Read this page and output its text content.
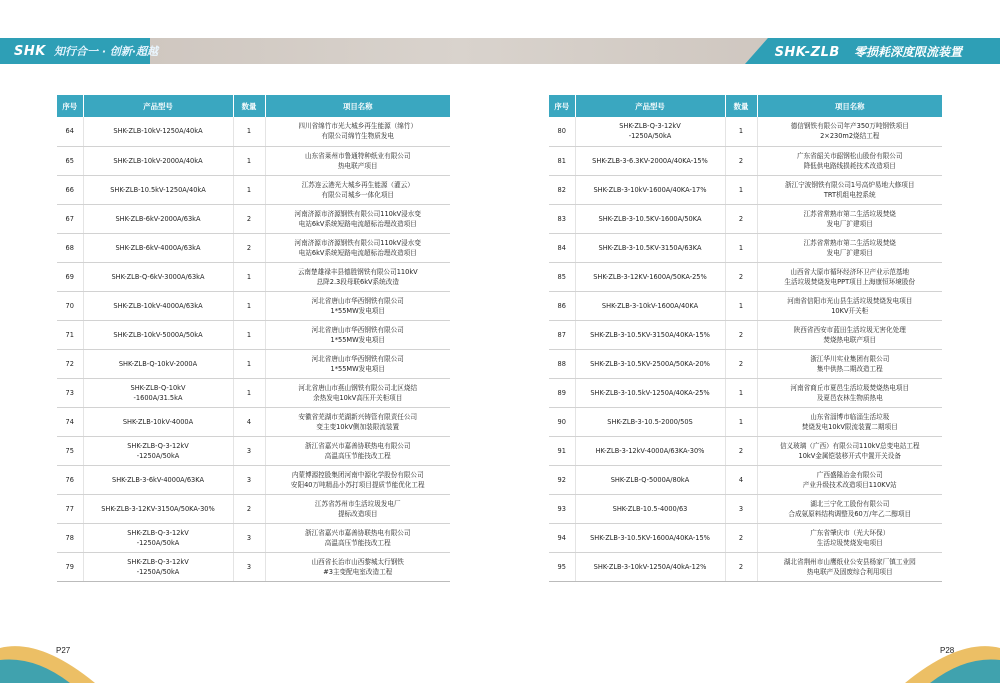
SHK 知行合一 · 创新·超越	SHK-ZLB 零损耗深度限流装置
序号	产品型号	数量	项目名称
64	SHK-ZLB-10kV-1250A/40kA	1	四川省绵竹市光大城乡再生能源（绵竹）
有限公司绵竹生物质发电
65	SHK-ZLB-10kV-2000A/40kA	1	山东省莱州市鲁通特种纸业有限公司
热电联产项目
66	SHK-ZLB-10.5kV-1250A/40kA	1	江苏连云港光大城乡再生能源（灌云）
有限公司城乡一体化项目
67	SHK-ZLB-6kV-2000A/63kA	2	河南济源市济源钢铁有限公司110kV浸水变
电站6kV系统短路电流超标治理改造项目
68	SHK-ZLB-6kV-4000A/63kA	2	河南济源市济源钢铁有限公司110kV浸水变
电站6kV系统短路电流超标治理改造项目
69	SHK-ZLB-Q-6kV-3000A/63kA	1	云南楚雄禄丰县德胜钢铁有限公司110kV
总降2.3段母联6kV系统改造
70	SHK-ZLB-10kV-4000A/63kA	1	河北省唐山市华西钢铁有限公司
1*55MW发电项目
71	SHK-ZLB-10kV-5000A/50kA	1	河北省唐山市华西钢铁有限公司
1*55MW发电项目
72	SHK-ZLB-Q-10kV-2000A	1	河北省唐山市华西钢铁有限公司
1*55MW发电项目
73	SHK-ZLB-Q-10kV
-1600A/31.5kA	1	河北省唐山市燕山钢铁有限公司北区烧结
余热发电10kV高压开关柜项目
74	SHK-ZLB-10kV-4000A	4	安徽省芜湖市芜湖新兴铸管有限责任公司
变主变10kV侧加装限流装置
75	SHK-ZLB-Q-3-12kV
-1250A/50kA	3	浙江省嘉兴市嘉善协联热电有限公司
高温高压节能技改工程
76	SHK-ZLB-3-6kV-4000A/63KA	3	内蒙博源控股集团河南中源化学股份有限公司
安阳40万吨精品小苏打项目提质节能优化工程
77	SHK-ZLB-3-12KV-3150A/50KA-30%	2	江苏省苏州市生活垃圾发电厂
提标改造项目
78	SHK-ZLB-Q-3-12kV
-1250A/50kA	3	浙江省嘉兴市嘉善协联热电有限公司
高温高压节能技改工程
79	SHK-ZLB-Q-3-12kV
-1250A/50kA	3	山西省长治市山西黎城太行钢铁
#3主变配电室改造工程
序号	产品型号	数量	项目名称
80	SHK-ZLB-Q-3-12kV
-1250A/50kA	1	德信钢铁有限公司年产350万吨钢铁项目
2×230m2烧结工程
81	SHK-ZLB-3-6.3KV-2000A/40KA-15%	2	广东省韶关市韶钢松山股份有限公司
降低供电路线损耗技术改造项目
82	SHK-ZLB-3-10kV-1600A/40KA-17%	1	浙江宁波钢铁有限公司1号高炉易地大修项目
TRT机组电控系统
83	SHK-ZLB-3-10.5KV-1600A/50KA	2	江苏省常熟市第二生活垃圾焚烧
发电厂扩建项目
84	SHK-ZLB-3-10.5KV-3150A/63KA	1	江苏省常熟市第二生活垃圾焚烧
发电厂扩建项目
85	SHK-ZLB-3-12KV-1600A/50KA-25%	2	山西省大原市循环经济环卫产业示范基地
生活垃圾焚烧发电PPT项目上海康恒环境股份
86	SHK-ZLB-3-10kV-1600A/40KA	1	河南省信阳市光山县生活垃圾焚烧发电项目
10KV开关柜
87	SHK-ZLB-3-10.5KV-3150A/40KA-15%	2	陕西省西安市蓝田生活垃圾无害化处理
焚烧热电联产项目
88	SHK-ZLB-3-10.5KV-2500A/50KA-20%	2	浙江华川实业集团有限公司
集中供热二期改造工程
89	SHK-ZLB-3-10.5kV-1250A/40KA-25%	1	河南省商丘市夏邑生活垃圾焚烧热电项目
及夏邑农林生物质热电
90	SHK-ZLB-3-10.5-2000/50S	1	山东省淄博市临淄生活垃圾
焚烧发电10kV限流装置二期项目
91	HK-ZLB-3-12kV-4000A/63KA-30%	2	信义玻璃（广西）有限公司110kV总变电站工程
10kV金属铠装移开式中置开关设备
92	SHK-ZLB-Q-5000A/80kA	4	广西盛隆冶金有限公司
产业升级技术改造项目110KV站
93	SHK-ZLB-10.5-4000/63	3	湖北三宁化工股份有限公司
合成氨原料结构调整及60万/年乙二醇项目
94	SHK-ZLB-3-10.5KV-1600A/40KA-15%	2	广东省肇庆市（光大环保）
生活垃圾焚烧发电项目
95	SHK-ZLB-3-10kV-1250A/40kA-12%	2	湖北省荆州市山鹰纸业公安县杨家厂镇工业园
热电联产及固废综合利用项目
P27	P28
